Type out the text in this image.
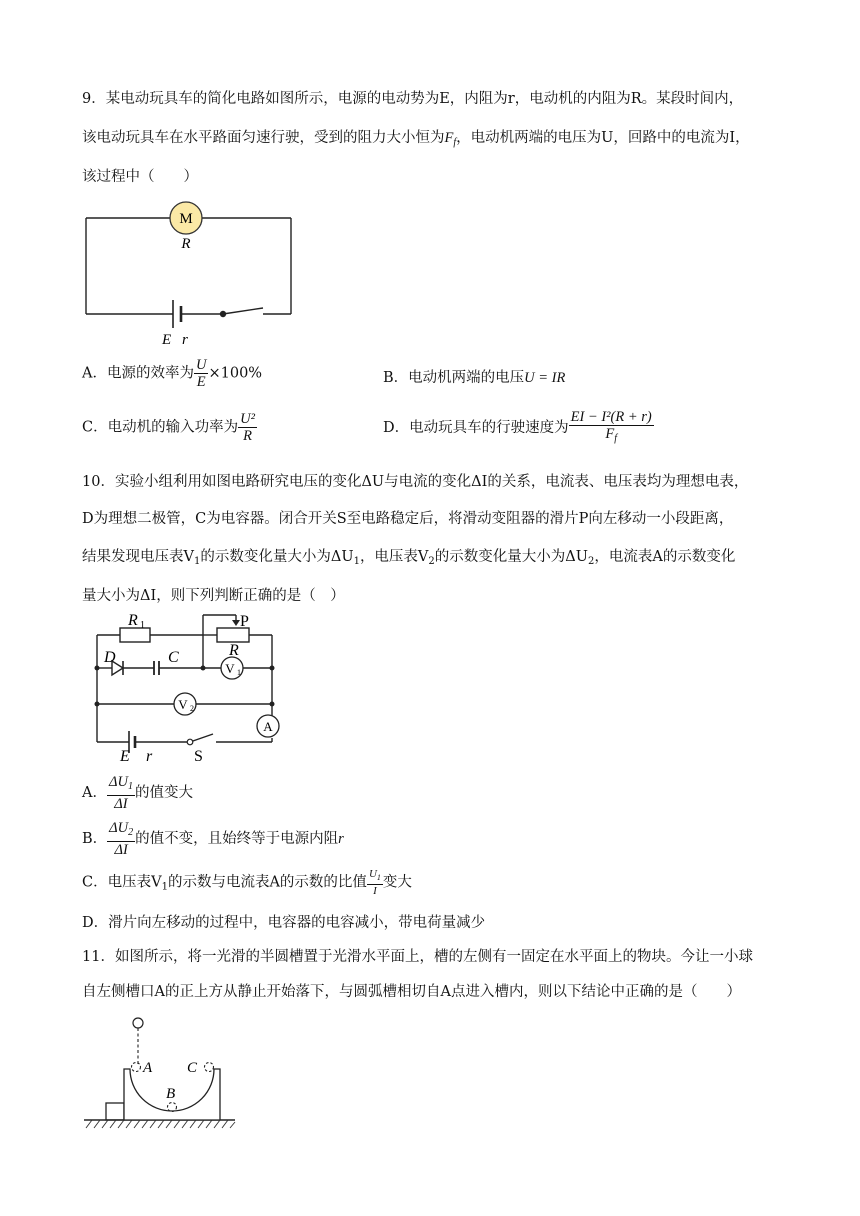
9．某电动玩具车的简化电路如图所示，电源的电动势为E，内阻为r，电动机的内阻为R。某段时间内，
该电动玩具车在水平路面匀速行驶，受到的阻力大小恒为$F_f$，电动机两端的电压为U，回路中的电流为I，
该过程中（　　）
M
R
E r
A．电源的效率为 $\frac{U}{E} \times 100\%$	B．电动机两端的电压U = IR
C．电动机的输入功率为 $\frac{\text{U²}}{R}$	D．电动玩具车的行驶速度为 $\frac{\text{EI − I²(R + r)}}{F_f}$
10．实验小组利用如图电路研究电压的变化ΔU与电流的变化ΔI的关系，电流表、电压表均为理想电表，
D为理想二极管，C为电容器。闭合开关S至电路稳定后，将滑动变阻器的滑片P向左移动一小段距离，
结果发现电压表$V_1$的示数变化量大小为$\Delta U_1$，电压表$V_2$的示数变化量大小为$\Delta U_2$，电流表A的示数变化
量大小为ΔI，则下列判断正确的是（　）
V 1
V 2
A
R 1	P
R
D	C
E r	S
A． $\frac{\Delta U_1}{\Delta I}$ 的值变大
B． $\frac{\Delta U_2}{\Delta I}$ 的值不变，且始终等于电源内阻r
C．电压表$V_1$的示数与电流表A的示数的比值 $\frac{U_1}{I}$ 变大
D．滑片向左移动的过程中，电容器的电容减小，带电荷量减少
11．如图所示，将一光滑的半圆槽置于光滑水平面上，槽的左侧有一固定在水平面上的物块。今让一小球
自左侧槽口A的正上方从静止开始落下，与圆弧槽相切自A点进入槽内，则以下结论中正确的是（　　）
A
B
C
